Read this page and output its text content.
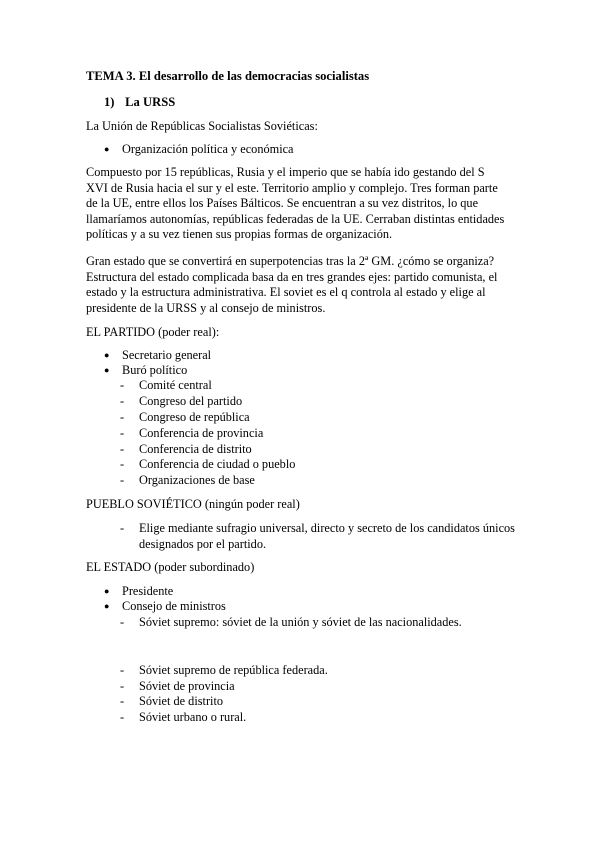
TEMA 3. El desarrollo de las democracias socialistas
1) La URSS
La Unión de Repúblicas Socialistas Soviéticas:
● Organización política y económica

Compuesto por 15 repúblicas, Rusia y el imperio que se había ido gestando del S XVI de Rusia hacia el sur y el este. Territorio amplio y complejo. Tres forman parte de la UE, entre ellos los Países Bálticos. Se encuentran a su vez distritos, lo que llamaríamos autonomías, repúblicas federadas de la UE. Cerraban distintas entidades políticas y a su vez tienen sus propias formas de organización.

Gran estado que se convertirá en superpotencias tras la 2ª GM. ¿cómo se organiza? Estructura del estado complicada basa da en tres grandes ejes: partido comunista, el estado y la estructura administrativa. El soviet es el q controla al estado y elige al presidente de la URSS y al consejo de ministros.

EL PARTIDO (poder real):
● Secretario general
● Buró político
- Comité central
- Congreso del partido
- Congreso de república
- Conferencia de provincia
- Conferencia de distrito
- Conferencia de ciudad o pueblo
- Organizaciones de base
PUEBLO SOVIÉTICO (ningún poder real)
- Elige mediante sufragio universal, directo y secreto de los candidatos únicos designados por el partido.
EL ESTADO (poder subordinado)
● Presidente
● Consejo de ministros
- Sóviet supremo: sóviet de la unión y sóviet de las nacionalidades.
- Sóviet supremo de república federada.
- Sóviet de provincia
- Sóviet de distrito
- Sóviet urbano o rural.
